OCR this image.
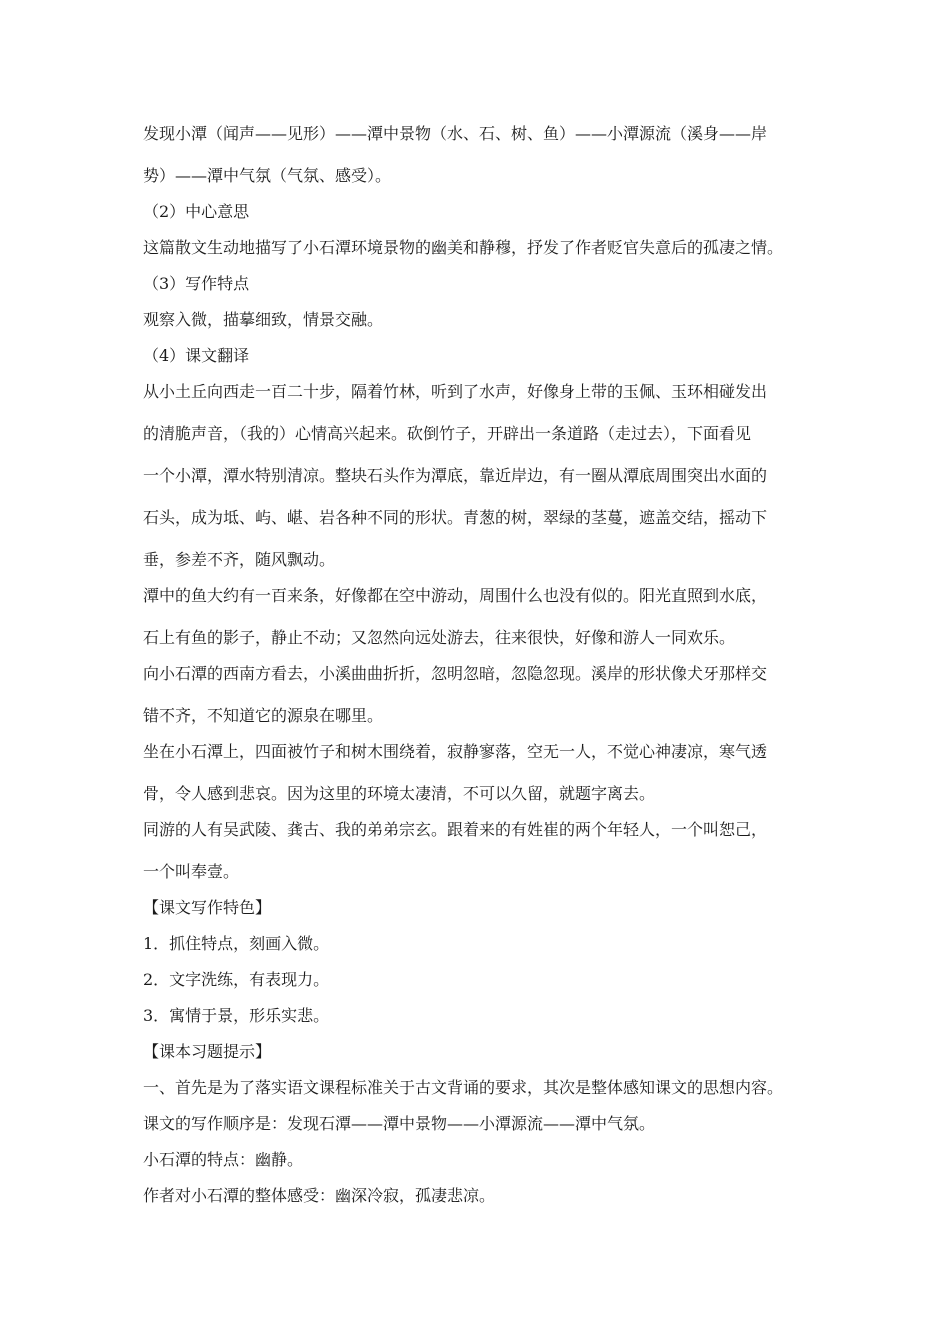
发现小潭（闻声——见形）——潭中景物（水、石、树、鱼）——小潭源流（溪身——岸

势）——潭中气氛（气氛、感受）。

（2）中心意思

这篇散文生动地描写了小石潭环境景物的幽美和静穆，抒发了作者贬官失意后的孤凄之情。

（3）写作特点

观察入微，描摹细致，情景交融。

（4）课文翻译

从小土丘向西走一百二十步，隔着竹林，听到了水声，好像身上带的玉佩、玉环相碰发出

的清脆声音，（我的）心情高兴起来。砍倒竹子，开辟出一条道路（走过去），下面看见

一个小潭，潭水特别清凉。整块石头作为潭底，靠近岸边，有一圈从潭底周围突出水面的

石头，成为坻、屿、嵁、岩各种不同的形状。青葱的树，翠绿的茎蔓，遮盖交结，摇动下

垂，参差不齐，随风飘动。

潭中的鱼大约有一百来条，好像都在空中游动，周围什么也没有似的。阳光直照到水底，

石上有鱼的影子，静止不动；又忽然向远处游去，往来很快，好像和游人一同欢乐。

向小石潭的西南方看去，小溪曲曲折折，忽明忽暗，忽隐忽现。溪岸的形状像犬牙那样交

错不齐，不知道它的源泉在哪里。

坐在小石潭上，四面被竹子和树木围绕着，寂静寥落，空无一人，不觉心神凄凉，寒气透

骨，令人感到悲哀。因为这里的环境太凄清，不可以久留，就题字离去。

同游的人有吴武陵、龚古、我的弟弟宗玄。跟着来的有姓崔的两个年轻人，一个叫恕己，

一个叫奉壹。

【课文写作特色】

1．抓住特点，刻画入微。

2．文字洗练，有表现力。

3．寓情于景，形乐实悲。

【课本习题提示】

一、首先是为了落实语文课程标准关于古文背诵的要求，其次是整体感知课文的思想内容。

课文的写作顺序是：发现石潭——潭中景物——小潭源流——潭中气氛。

小石潭的特点：幽静。

作者对小石潭的整体感受：幽深冷寂，孤凄悲凉。
